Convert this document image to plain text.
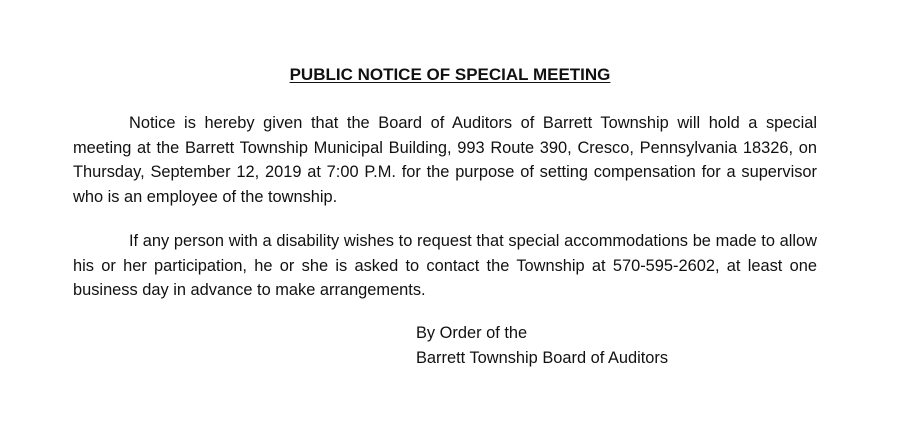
PUBLIC NOTICE OF SPECIAL MEETING

Notice is hereby given that the Board of Auditors of Barrett Township will hold a special meeting at the Barrett Township Municipal Building, 993 Route 390, Cresco, Pennsylvania 18326, on Thursday, September 12, 2019 at 7:00 P.M. for the purpose of setting compensation for a supervisor who is an employee of the township.

If any person with a disability wishes to request that special accommodations be made to allow his or her participation, he or she is asked to contact the Township at 570-595-2602, at least one business day in advance to make arrangements.

By Order of the
Barrett Township Board of Auditors
